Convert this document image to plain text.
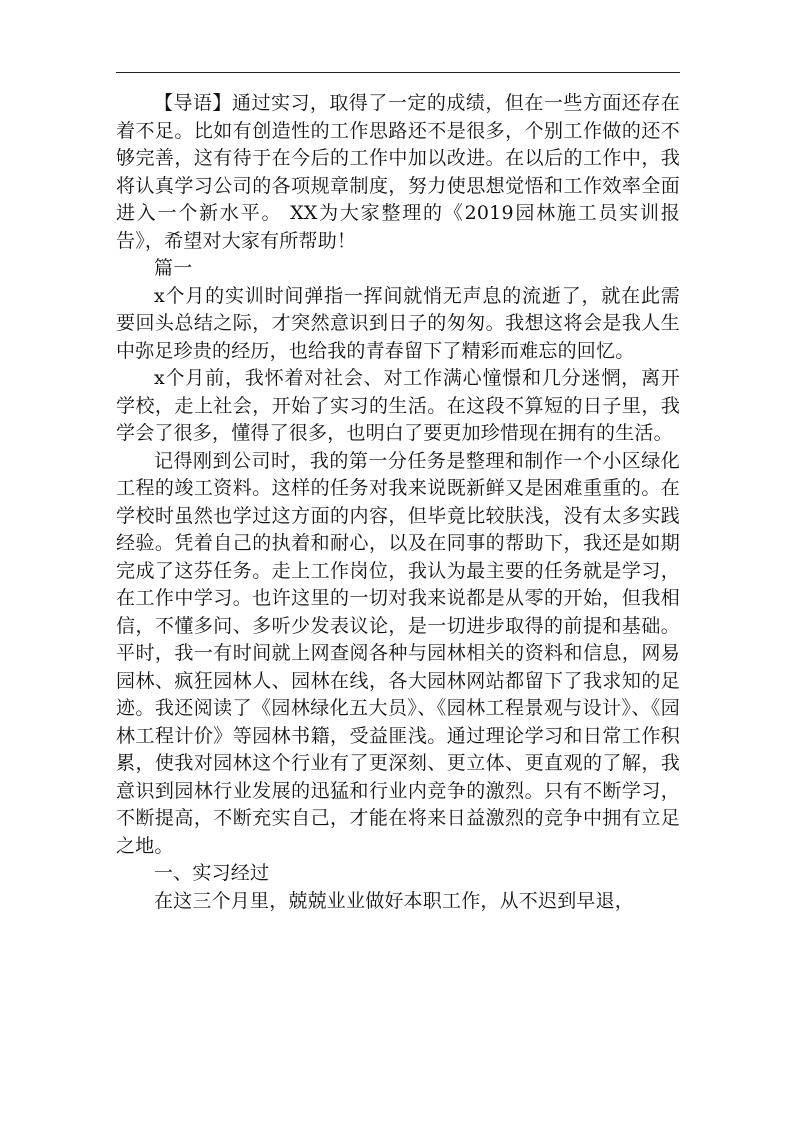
【导语】通过实习，取得了一定的成绩，但在一些方面还存在着不足。比如有创造性的工作思路还不是很多，个别工作做的还不够完善，这有待于在今后的工作中加以改进。在以后的工作中，我将认真学习公司的各项规章制度，努力使思想觉悟和工作效率全面进入一个新水平。 XX为大家整理的《2019园林施工员实训报告》，希望对大家有所帮助！

篇一

x个月的实训时间弹指一挥间就悄无声息的流逝了，就在此需要回头总结之际，才突然意识到日子的匆匆。我想这将会是我人生中弥足珍贵的经历，也给我的青春留下了精彩而难忘的回忆。

x个月前，我怀着对社会、对工作满心憧憬和几分迷惘，离开学校，走上社会，开始了实习的生活。在这段不算短的日子里，我学会了很多，懂得了很多，也明白了要更加珍惜现在拥有的生活。

记得刚到公司时，我的第一分任务是整理和制作一个小区绿化工程的竣工资料。这样的任务对我来说既新鲜又是困难重重的。在学校时虽然也学过这方面的内容，但毕竟比较肤浅，没有太多实践经验。凭着自己的执着和耐心，以及在同事的帮助下，我还是如期完成了这芬任务。走上工作岗位，我认为最主要的任务就是学习，在工作中学习。也许这里的一切对我来说都是从零的开始，但我相信，不懂多问、多听少发表议论，是一切进步取得的前提和基础。平时，我一有时间就上网查阅各种与园林相关的资料和信息，网易园林、疯狂园林人、园林在线，各大园林网站都留下了我求知的足迹。我还阅读了《园林绿化五大员》、《园林工程景观与设计》、《园林工程计价》等园林书籍，受益匪浅。通过理论学习和日常工作积累，使我对园林这个行业有了更深刻、更立体、更直观的了解，我意识到园林行业发展的迅猛和行业内竞争的激烈。只有不断学习，不断提高，不断充实自己，才能在将来日益激烈的竞争中拥有立足之地。

一、实习经过

在这三个月里，兢兢业业做好本职工作，从不迟到早退，
